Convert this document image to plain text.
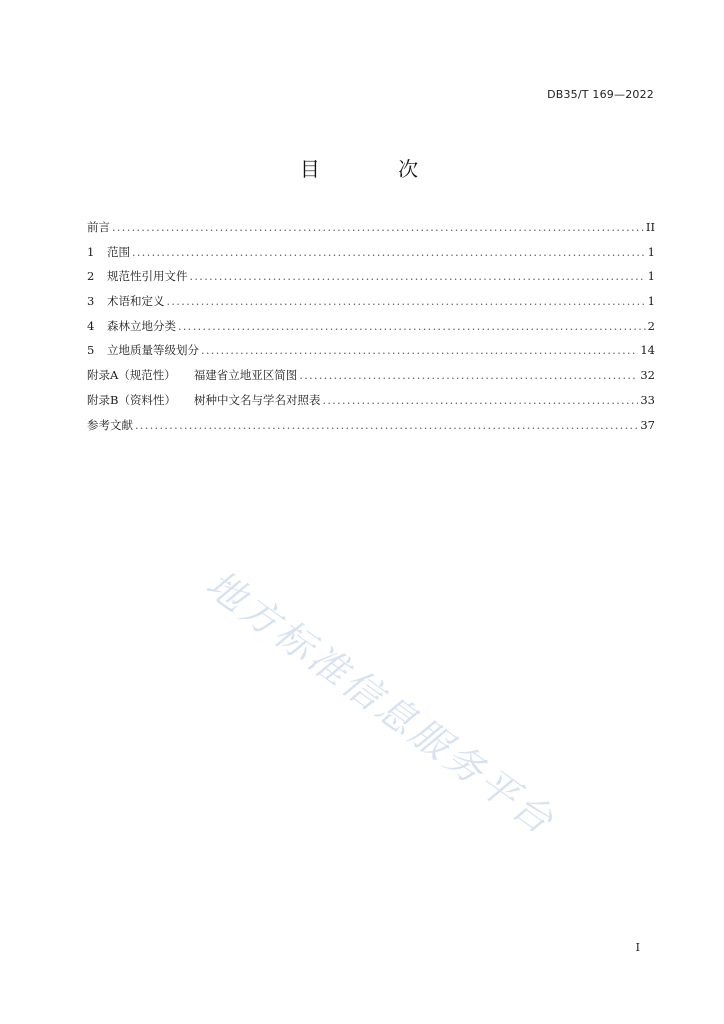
DB35/T 169—2022
目 次
前言 .....	II
1 范围 .....	1
2 规范性引用文件 .....	1
3 术语和定义 .....	1
4 森林立地分类 .....	2
5 立地质量等级划分 .....	14
附录A（规范性） 福建省立地亚区简图 .....	32
附录B（资料性） 树种中文名与学名对照表 .....	33
参考文献 .....	37
地方标准信息服务平台
I
